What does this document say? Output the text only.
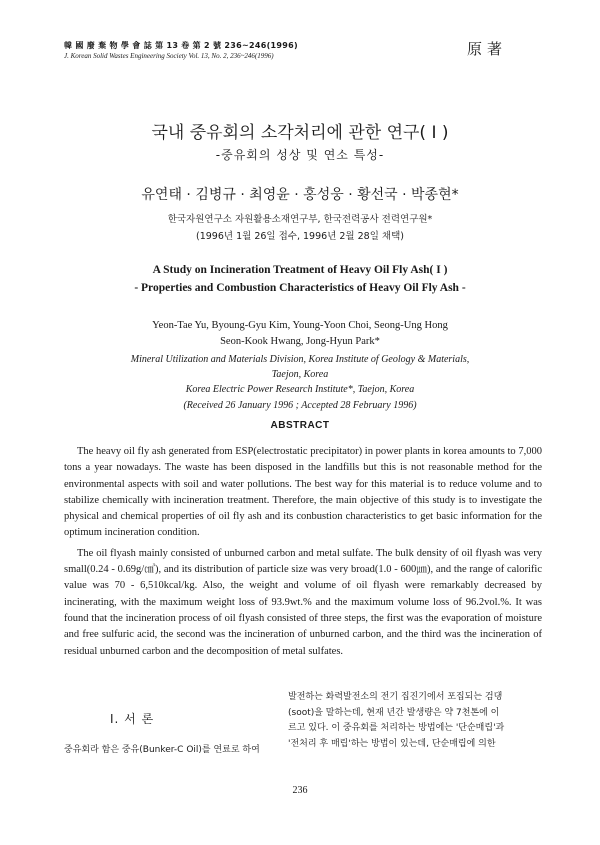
韓 國 廢 棄 物 學 會 誌 第 13 卷 第 2 號 236~246(1996)
J. Korean Solid Wastes Engineering Society Vol. 13, No. 2, 236~246(1996)	原著
국내 중유회의 소각처리에 관한 연구( I )
-중유회의 성상 및 연소 특성-
유연태 · 김병규 · 최영윤 · 홍성웅 · 황선국 · 박종현*
한국자원연구소 자원활용소재연구부, 한국전력공사 전력연구원*
(1996년 1월 26일 접수, 1996년 2월 28일 채택)
A Study on Incineration Treatment of Heavy Oil Fly Ash( I )
- Properties and Combustion Characteristics of Heavy Oil Fly Ash -
Yeon-Tae Yu, Byoung-Gyu Kim, Young-Yoon Choi, Seong-Ung Hong
Seon-Kook Hwang, Jong-Hyun Park*
Mineral Utilization and Materials Division, Korea Institute of Geology & Materials,
Taejon, Korea
Korea Electric Power Research Institute*, Taejon, Korea
(Received 26 January 1996 ; Accepted 28 February 1996)
ABSTRACT

The heavy oil fly ash generated from ESP(electrostatic precipitator) in power plants in korea amounts to 7,000 tons a year nowadays. The waste has been disposed in the landfills but this is not reasonable method for the environmental aspects with soil and water pollutions. The best way for this material is to reduce volume and to stabilize chemically with incineration treatment. Therefore, the main objective of this study is to investigate the physical and chemical properties of oil fly ash and its conbustion characteristics to get basic information for the optimum incineration condition.

The oil flyash mainly consisted of unburned carbon and metal sulfate. The bulk density of oil flyash was very small(0.24 - 0.69g/㎤), and its distribution of particle size was very broad(1.0 - 600㎛), and the range of calorific value was 70 - 6,510kcal/kg. Also, the weight and volume of oil flyash were remarkably decreased by incinerating, with the maximum weight loss of 93.9wt.% and the maximum volume loss of 96.2vol.%. It was found that the incineration process of oil flyash consisted of three steps, the first was the evaporation of moisture and free sulfuric acid, the second was the incineration of unburned carbon, and the third was the incineration of residual unburned carbon and the decomposition of metal sulfates.

I. 서 론
중유회라 함은 중유(Bunker-C Oil)를 연료로 하여
발전하는 화력발전소의 전기 집진기에서 포집되는 검댕
(soot)을 말하는데, 현재 년간 발생량은 약 7천톤에 이
르고 있다. 이 중유회를 처리하는 방법에는 '단순매립'과
'전처리 후 매립'하는 방법이 있는데, 단순매립에 의한
236
